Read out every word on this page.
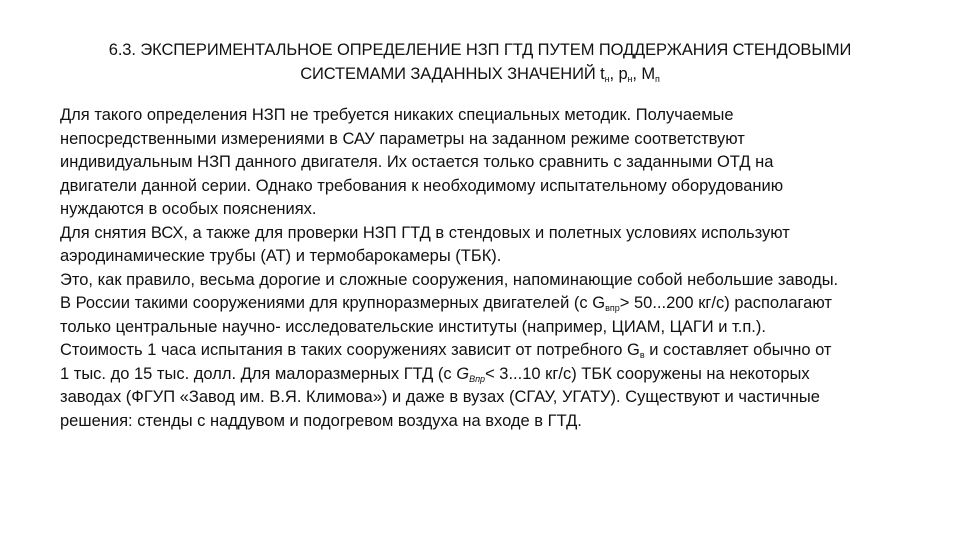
6.3. ЭКСПЕРИМЕНТАЛЬНОЕ ОПРЕДЕЛЕНИЕ НЗП ГТД ПУТЕМ ПОДДЕРЖАНИЯ СТЕНДОВЫМИ
СИСТЕМАМИ ЗАДАННЫХ ЗНАЧЕНИЙ $t_н$, $p_н$, $М_п$
Для такого определения НЗП не требуется никаких специальных методик. Получаемые
непосредственными измерениями в САУ параметры на заданном режиме соответствуют
индивидуальным НЗП данного двигателя. Их остается только сравнить с заданными ОТД на
двигатели данной серии. Однако требования к необходимому испытательному оборудованию
нуждаются в особых пояснениях.
Для снятия ВСХ, а также для проверки НЗП ГТД в стендовых и полетных условиях используют
аэродинамические трубы (АТ) и термобарокамеры (ТБК).
Это, как правило, весьма дорогие и сложные сооружения, напоминающие собой небольшие заводы.
В России такими сооружениями для крупноразмерных двигателей (с $G_{впр}> 50...200$ кг/с) располагают
только центральные научно- исследовательские институты (например, ЦИАМ, ЦАГИ и т.п.).
Стоимость 1 часа испытания в таких сооружениях зависит от потребного $G_в$ и составляет обычно от
1 тыс. до 15 тыс. долл. Для малоразмерных ГТД (с $G_{Bпр}< 3...10$ кг/с) ТБК сооружены на некоторых
заводах (ФГУП «Завод им. В.Я. Климова») и даже в вузах (СГАУ, УГАТУ). Существуют и частичные
решения: стенды с наддувом и подогревом воздуха на входе в ГТД.
